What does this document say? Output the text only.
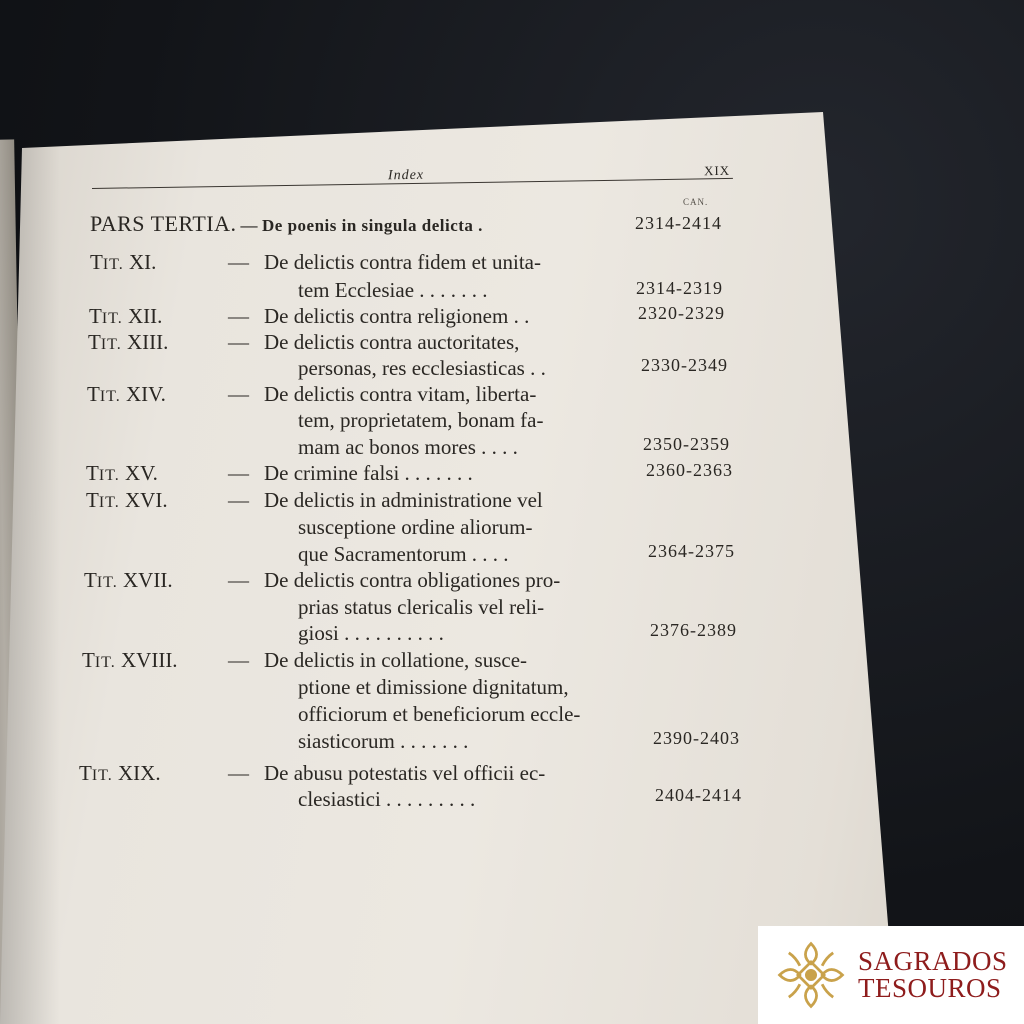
Index	XIX
CAN.
PARS TERTIA. — De poenis in singula delicta .	2314-2414
TIT. XI.	— De delictis contra fidem et unita-
tem Ecclesiae . . . . . . .	2314-2319
TIT. XII.	— De delictis contra religionem . .	2320-2329
TIT. XIII.	— De delictis contra auctoritates,
personas, res ecclesiasticas . .	2330-2349
TIT. XIV.	— De delictis contra vitam, liberta-
tem, proprietatem, bonam fa-
mam ac bonos mores . . . .	2350-2359
TIT. XV.	— De crimine falsi . . . . . . .	2360-2363
TIT. XVI.	— De delictis in administratione vel
susceptione ordine aliorum-
que Sacramentorum . . . .	2364-2375
TIT. XVII.	— De delictis contra obligationes pro-
prias status clericalis vel reli-
giosi . . . . . . . . . .	2376-2389
TIT. XVIII. — De delictis in collatione, susce-
ptione et dimissione dignitatum,
officiorum et beneficiorum eccle-
siasticorum . . . . . . .	2390-2403
TIT. XIX.	— De abusu potestatis vel officii ec-
clesiastici . . . . . . . . .	2404-2414
SAGRADOS
TESOUROS
